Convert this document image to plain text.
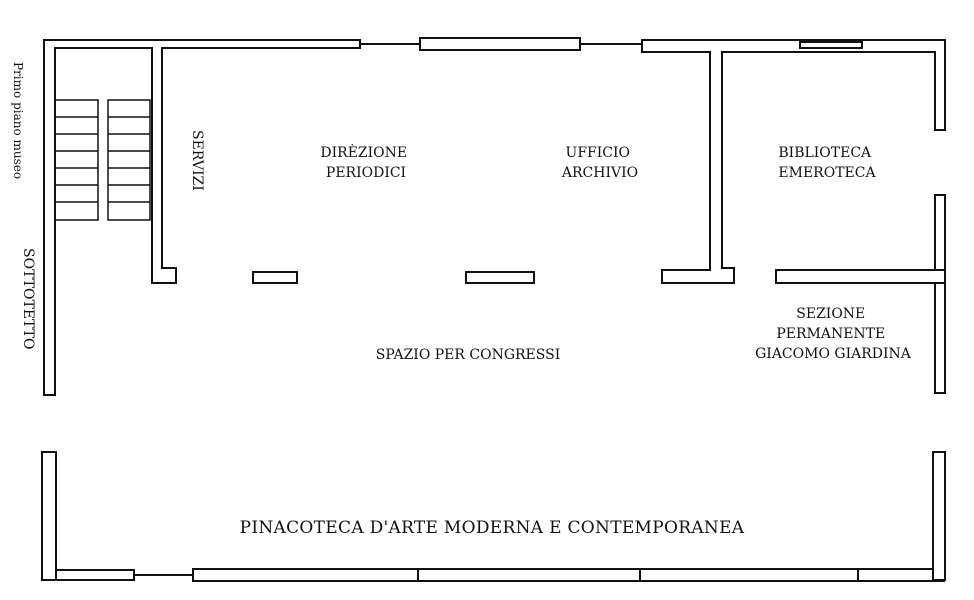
Primo piano museo
SOTTOTETTO
SERVIZI	DIRÈZIONE PERIODICI
UFFICIO ARCHIVIO
BIBLIOTECA EMEROTECA
SPAZIO PER CONGRESSI
SEZIONE PERMANENTE GIACOMO GIARDINA
PINACOTECA D'ARTE MODERNA E CONTEMPORANEA
